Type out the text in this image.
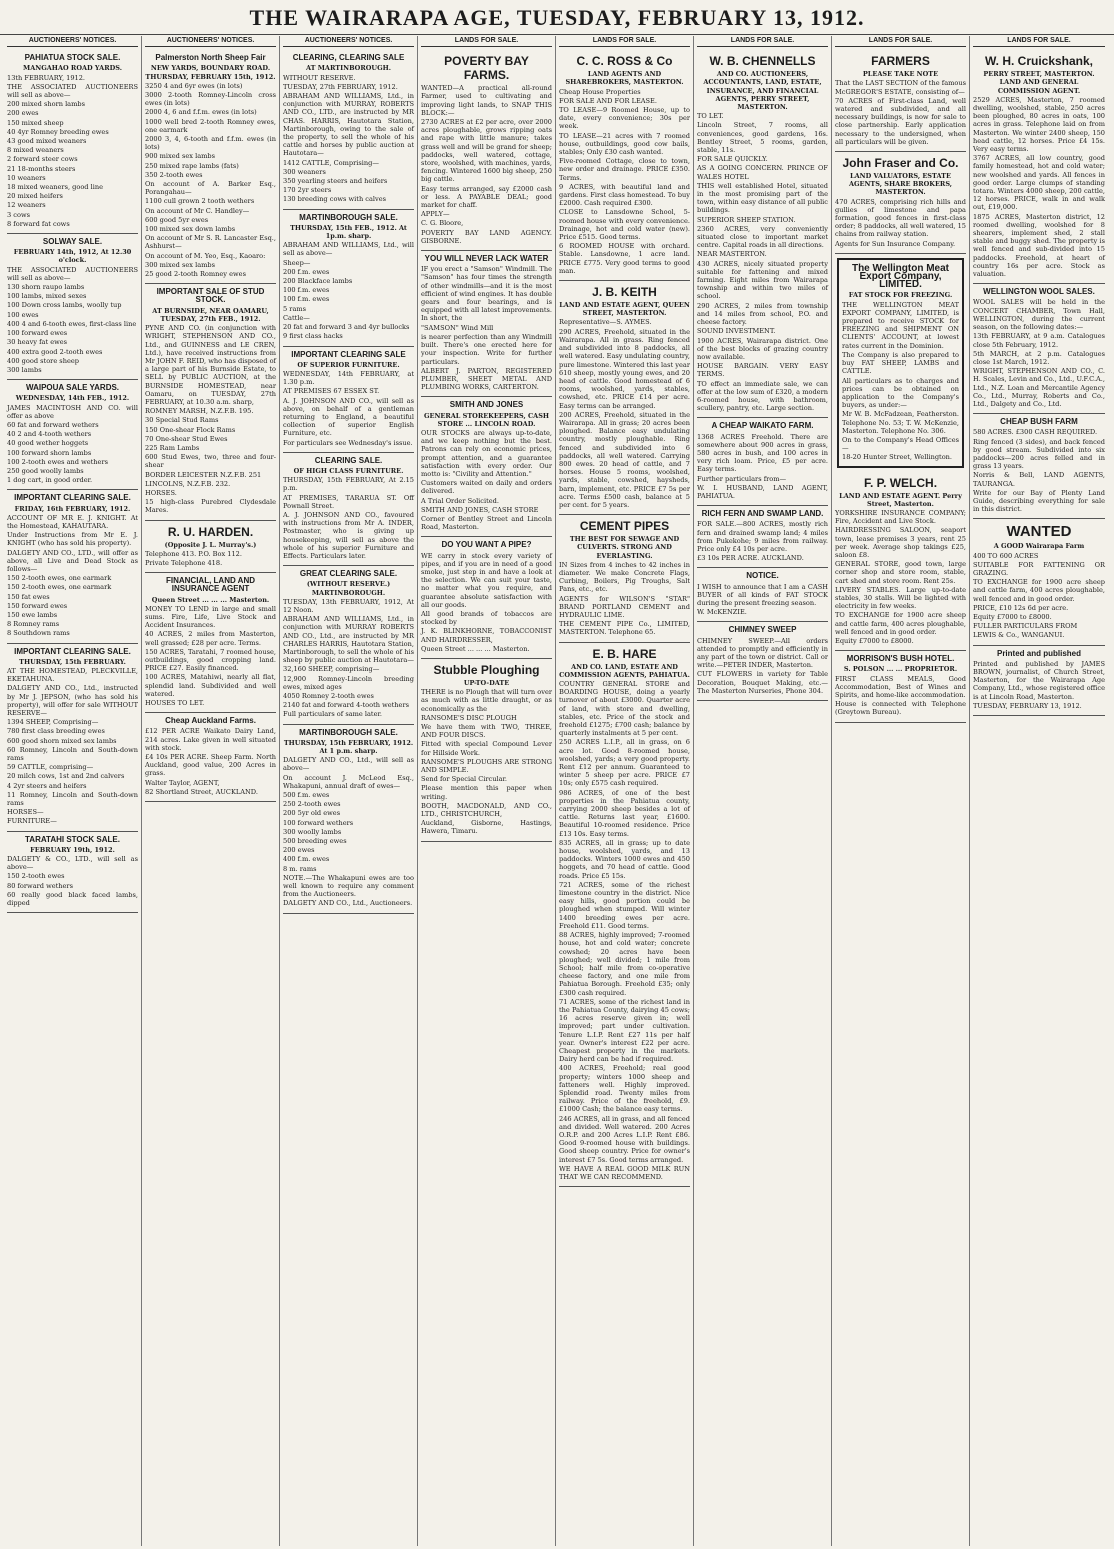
THE WAIRARAPA AGE, TUESDAY, FEBRUARY 13, 1912.
AUCTIONEERS' NOTICES.
PAHIATUA STOCK SALE.
MANGAHAO ROAD YARDS.

13th FEBRUARY, 1912.

THE ASSOCIATED AUCTIONEERS will sell as above—

200 mixed shorn lambs

200 ewes

150 mixed sheep

40 4yr Romney breeding ewes

43 good mixed weaners

8 mixed weaners

2 forward steer cows

21 18-months steers

10 weaners

18 mixed weaners, good line

20 mixed heifers

12 weaners

3 cows

8 forward fat cows

SOLWAY SALE.
FEBRUARY 14th, 1912, At 12.30 o'clock.

THE ASSOCIATED AUCTIONEERS will sell as above—

130 shorn raupo lambs

100 lambs, mixed sexes

100 Down cross lambs, woolly tup

100 ewes

400 4 and 6-tooth ewes, first-class line

100 forward ewes

30 heavy fat ewes

400 extra good 2-tooth ewes

400 good store sheep

300 lambs

WAIPOUA SALE YARDS.
WEDNESDAY, 14th FEB., 1912.

JAMES MACINTOSH AND CO. will offer as above

60 fat and forward wethers

40 2 and 4-tooth wethers

40 good wether hoggets

100 forward shorn lambs

100 2-tooth ewes and wethers

250 good woolly lambs

1 dog cart, in good order.

IMPORTANT CLEARING SALE.
FRIDAY, 16th FEBRUARY, 1912.

ACCOUNT OF MR E. J. KNIGHT. At the Homestead, KAHAUTARA.

Under Instructions from Mr E. J. KNIGHT (who has sold his property).

DALGETY AND CO., LTD., will offer as above, all Live and Dead Stock as follows—

150 2-tooth ewes, one earmark

150 2-tooth ewes, one earmark

150 fat ewes

150 forward ewes

150 ewe lambs

8 Romney rams

8 Southdown rams

IMPORTANT CLEARING SALE.
THURSDAY, 15th FEBRUARY.

AT THE HOMESTEAD, PLECKVILLE, EKETAHUNA.

DALGETY AND CO., Ltd., instructed by Mr J. JEPSON, (who has sold his property), will offer for sale WITHOUT RESERVE—

1394 SHEEP, Comprising—

780 first class breeding ewes

600 good shorn mixed sex lambs

60 Romney, Lincoln and South-down rams

59 CATTLE, comprising—

20 milch cows, 1st and 2nd calvers

4 2yr steers and heifers

11 Romney, Lincoln and South-down rams

HORSES—

FURNITURE—

TARATAHI STOCK SALE.
FEBRUARY 19th, 1912.

DALGETY & CO., LTD., will sell as above—

150 2-tooth ewes

80 forward wethers

60 really good black faced lambs, dipped

AUCTIONEERS' NOTICES.
Palmerston North Sheep Fair
NEW YARDS, BOUNDARY ROAD. THURSDAY, FEBRUARY 15th, 1912.

3250 4 and 6yr ewes (in lots)

3000 2-tooth Romney-Lincoln cross ewes (in lots)

2000 4, 6 and f.f.m. ewes (in lots)

1000 well bred 2-tooth Romney ewes, one earmark

2000 3, 4, 6-tooth and f.f.m. ewes (in lots)

900 mixed sex lambs

250 mixed rape lambs (fats)

350 2-tooth ewes

On account of A. Barker Esq., Porangahau—

1100 cull grown 2 tooth wethers

On account of Mr C. Handley—

600 good 5yr ewes

100 mixed sex down lambs

On account of Mr S. R. Lancaster Esq., Ashhurst—

On account of M. Yeo, Esq., Kaoaro:

300 mixed sex lambs

25 good 2-tooth Romney ewes

IMPORTANT SALE OF STUD STOCK.
AT BURNSIDE, NEAR OAMARU, TUESDAY, 27th FEB., 1912.

PYNE AND CO. (in conjunction with WRIGHT, STEPHENSON AND CO., Ltd., and GUINNESS and LE CREN, Ltd.), have received instructions from Mr JOHN F. REID, who has disposed of a large part of his Burnside Estate, to SELL by PUBLIC AUCTION, at the BURNSIDE HOMESTEAD, near Oamaru, on TUESDAY, 27th FEBRUARY, at 10.30 a.m. sharp,

ROMNEY MARSH, N.Z.F.B. 195.

30 Special Stud Rams

150 One-shear Flock Rams

70 One-shear Stud Ewes

225 Ram Lambs

600 Stud Ewes, two, three and four-shear

BORDER LEICESTER N.Z.F.B. 251

LINCOLNS, N.Z.F.B. 232.

HORSES.

15 high-class Purebred Clydesdale Mares.

R. U. HARDEN.
(Opposite J. L. Murray's.)

Telephone 413. P.O. Box 112.

Private Telephone 418.

FINANCIAL, LAND AND INSURANCE AGENT
Queen Street ... ... ... Masterton.

MONEY TO LEND in large and small sums. Fire, Life, Live Stock and Accident Insurances.

40 ACRES, 2 miles from Masterton, well grassed; £28 per acre. Terms.

150 ACRES, Taratahi, 7 roomed house, outbuildings, good cropping land. PRICE £27. Easily financed.

100 ACRES, Matahiwi, nearly all flat, splendid land. Subdivided and well watered.

HOUSES TO LET.

Cheap Auckland Farms.

£12 PER ACRE Waikato Dairy Land, 214 acres. Lake given in well situated with stock.

£4 10s PER ACRE. Sheep Farm. North Auckland, good value, 200 Acres in grass.

Walter Taylor, AGENT,

82 Shortland Street, AUCKLAND.

AUCTIONEERS' NOTICES.
CLEARING, CLEARING SALE
AT MARTINBOROUGH.

WITHOUT RESERVE.

TUESDAY, 27th FEBRUARY, 1912.

ABRAHAM AND WILLIAMS, Ltd., in conjunction with MURRAY, ROBERTS AND CO., LTD., are instructed by MR CHAS. HARRIS, Hautotara Station, Martinborough, owing to the sale of the property, to sell the whole of his cattle and horses by public auction at Hautotara—

1412 CATTLE, Comprising—

300 weaners

350 yearling steers and heifers

170 2yr steers

130 breeding cows with calves

MARTINBOROUGH SALE.
THURSDAY, 15th FEB., 1912. At 1p.m. sharp.

ABRAHAM AND WILLIAMS, Ltd., will sell as above—

Sheep—

200 f.m. ewes

200 Blackface lambs

100 f.m. ewes

100 f.m. ewes

5 rams

Cattle—

20 fat and forward 3 and 4yr bullocks

9 first class hacks

IMPORTANT CLEARING SALE
OF SUPERIOR FURNITURE.

WEDNESDAY, 14th FEBRUARY, at 1.30 p.m.

AT PREMISES 67 ESSEX ST.

A. J. JOHNSON AND CO., will sell as above, on behalf of a gentleman returning to England, a beautiful collection of superior English Furniture, etc.

For particulars see Wednesday's issue.

CLEARING SALE.
OF HIGH CLASS FURNITURE.

THURSDAY, 15th FEBRUARY, At 2.15 p.m.

AT PREMISES, TARARUA ST. Off Pownall Street.

A. J. JOHNSON AND CO., favoured with instructions from Mr A. INDER, Postmaster, who is giving up housekeeping, will sell as above the whole of his superior Furniture and Effects. Particulars later.

GREAT CLEARING SALE.
(WITHOUT RESERVE.) MARTINBOROUGH.

TUESDAY, 13th FEBRUARY, 1912, At 12 Noon.

ABRAHAM AND WILLIAMS, Ltd., in conjunction with MURRAY ROBERTS AND CO., Ltd., are instructed by MR CHARLES HARRIS, Hautotara Station, Martinborough, to sell the whole of his sheep by public auction at Hautotara—

32,160 SHEEP, comprising—

12,900 Romney-Lincoln breeding ewes, mixed ages

4050 Romney 2-tooth ewes

2140 fat and forward 4-tooth wethers

Full particulars of same later.

MARTINBOROUGH SALE.
THURSDAY, 15th FEBRUARY, 1912. At 1 p.m. sharp.

DALGETY AND CO., Ltd., will sell as above—

On account J. McLeod Esq., Whakapuni, annual draft of ewes—

500 f.m. ewes

250 2-tooth ewes

200 5yr old ewes

100 forward wethers

300 woolly lambs

500 breeding ewes

200 ewes

400 f.m. ewes

8 m. rams

NOTE.—The Whakapuni ewes are too well known to require any comment from the Auctioneers.

DALGETY AND CO., Ltd., Auctioneers.

LANDS FOR SALE.
POVERTY BAY FARMS.

WANTED—A practical all-round Farmer, used to cultivating and improving light lands, to SNAP THIS BLOCK:—

2730 ACRES at £2 per acre, over 2000 acres ploughable, grows ripping oats and rape with little manure; takes grass well and will be grand for sheep; paddocks, well watered, cottage, store, woolshed, with machines, yards, fencing. Wintered 1600 big sheep, 250 big cattle.

Easy terms arranged, say £2000 cash or less. A PAYABLE DEAL; good market for chaff.

APPLY—

C. G. Bloore,

POVERTY BAY LAND AGENCY. GISBORNE.

YOU WILL NEVER LACK WATER

IF you erect a "Samson" Windmill. The "Samson" has four times the strength of other windmills—and it is the most efficient of wind engines. It has double gears and four bearings, and is equipped with all latest improvements. In short, the

"SAMSON" Wind Mill

is nearer perfection than any Windmill built. There's one erected here for your inspection. Write for further particulars.

ALBERT J. PARTON, REGISTERED PLUMBER, SHEET METAL AND PLUMBING WORKS, CARTERTON.

SMITH AND JONES
GENERAL STOREKEEPERS, CASH STORE ... LINCOLN ROAD.

OUR STOCKS are always up-to-date, and we keep nothing but the best. Patrons can rely on economic prices, prompt attention, and a guarantee satisfaction with every order. Our motto is: "Civility and Attention."

Customers waited on daily and orders delivered.

A Trial Order Solicited.

SMITH AND JONES, CASH STORE

Corner of Bentley Street and Lincoln Road, Masterton.

DO YOU WANT A PIPE?

WE carry in stock every variety of pipes, and if you are in need of a good smoke, just step in and have a look at the selection. We can suit your taste, no matter what you require, and guarantee absolute satisfaction with all our goods.

All good brands of tobaccos are stocked by

J. K. BLINKHORNE, TOBACCONIST AND HAIRDRESSER,

Queen Street ... ... ... Masterton.

Stubble Ploughing
UP-TO-DATE

THERE is no Plough that will turn over as much with as little draught, or as economically as the

RANSOME'S DISC PLOUGH

We have them with TWO, THREE, AND FOUR DISCS.

Fitted with special Compound Lever for Hillside Work.

RANSOME'S PLOUGHS ARE STRONG AND SIMPLE.

Send for Special Circular.

Please mention this paper when writing.

BOOTH, MACDONALD, AND CO., LTD., CHRISTCHURCH,

Auckland, Gisborne, Hastings, Hawera, Timaru.

LANDS FOR SALE.
C. C. ROSS & Co
LAND AGENTS AND SHAREBROKERS, MASTERTON.

Cheap House Properties

FOR SALE AND FOR LEASE.

TO LEASE—9 Roomed House, up to date, every convenience; 30s per week.

TO LEASE—21 acres with 7 roomed house, outbuildings, good cow bails, stables; Only £30 cash wanted.

Five-roomed Cottage, close to town, new order and drainage. PRICE £350. Terms.

9 ACRES, with beautiful land and gardens. First class homestead. To buy £2000. Cash required £300.

CLOSE to Lansdowne School, 5-roomed house with every convenience. Drainage, hot and cold water (new). Price £515. Good terms.

6 ROOMED HOUSE with orchard. Stable. Lansdowne, 1 acre land. PRICE £775. Very good terms to good man.

J. B. KEITH
LAND AND ESTATE AGENT, QUEEN STREET, MASTERTON.

Representative—S. AYMES.

290 ACRES, Freehold, situated in the Wairarapa. All in grass. Ring fenced and subdivided into 8 paddocks, all well watered. Easy undulating country, pure limestone. Wintered this last year 610 sheep, mostly young ewes, and 20 head of cattle. Good homestead of 6 rooms, woolshed, yards, stables, cowshed, etc. PRICE £14 per acre. Easy terms can be arranged.

200 ACRES, Freehold, situated in the Wairarapa. All in grass; 20 acres been ploughed. Balance easy undulating country, mostly ploughable. Ring fenced and subdivided into 6 paddocks, all well watered. Carrying 800 ewes. 20 head of cattle, and 7 horses. House 5 rooms, woolshed, yards, stable, cowshed, haysheds, barn, implement, etc. PRICE £7 5s per acre. Terms £500 cash, balance at 5 per cent. for 5 years.

CEMENT PIPES
THE BEST FOR SEWAGE AND CULVERTS. STRONG AND EVERLASTING.

IN Sizes from 4 inches to 42 inches in diameter. We make Concrete Flags, Curbing, Boilers, Pig Troughs, Salt Pans, etc., etc.

AGENTS for WILSON'S "STAR" BRAND PORTLAND CEMENT and HYDRAULIC LIME.

THE CEMENT PIPE Co., LIMITED, MASTERTON. Telephone 65.

E. B. HARE
AND CO. LAND, ESTATE AND COMMISSION AGENTS, PAHIATUA.

COUNTRY GENERAL STORE and BOARDING HOUSE, doing a yearly turnover of about £3000. Quarter acre of land, with store and dwelling, stables, etc. Price of the stock and freehold £1275; £700 cash; balance by quarterly instalments at 5 per cent.

250 ACRES L.I.P., all in grass, on 6 acre lot. Good 8-roomed house, woolshed, yards; a very good property. Rent £12 per annum. Guaranteed to winter 5 sheep per acre. PRICE £7 10s; only £575 cash required.

986 ACRES, of one of the best properties in the Pahiatua county, carrying 2000 sheep besides a lot of cattle. Returns last year, £1600. Beautiful 10-roomed residence. Price £13 10s. Easy terms.

835 ACRES, all in grass; up to date house, woolshed, yards, and 13 paddocks. Winters 1000 ewes and 450 hoggets, and 70 head of cattle. Good roads. Price £5 15s.

721 ACRES, some of the richest limestone country in the district. Nice easy hills, good portion could be ploughed when stumped. Will winter 1400 breeding ewes per acre. Freehold £11. Good terms.

88 ACRES, highly improved; 7-roomed house, hot and cold water; concrete cowshed; 20 acres have been ploughed; well divided; 1 mile from School; half mile from co-operative cheese factory, and one mile from Pahiatua Borough. Freehold £35; only £300 cash required.

71 ACRES, some of the richest land in the Pahiatua County, dairying 45 cows; 16 acres reserve given in; well improved; part under cultivation. Tenure L.I.P. Rent £27 11s per half year. Owner's interest £22 per acre. Cheapest property in the markets. Dairy herd can be had if required.

400 ACRES, Freehold; real good property; winters 1000 sheep and fatteners well. Highly improved. Splendid road. Twenty miles from railway. Price of the freehold, £9. £1000 Cash; the balance easy terms.

246 ACRES, all in grass, and all fenced and divided. Well watered. 200 Acres O.R.P. and 200 Acres L.I.P. Rent £86. Good 9-roomed house with buildings. Good sheep country. Price for owner's interest £7 5s. Good terms arranged.

WE HAVE A REAL GOOD MILK RUN THAT WE CAN RECOMMEND.

LANDS FOR SALE.
W. B. CHENNELLS
AND CO. AUCTIONEERS, ACCOUNTANTS, LAND, ESTATE, INSURANCE, AND FINANCIAL AGENTS, PERRY STREET, MASTERTON.

TO LET.

Lincoln Street, 7 rooms, all conveniences, good gardens, 16s. Bentley Street, 5 rooms, garden, stable, 11s.

FOR SALE QUICKLY.

AS A GOING CONCERN. PRINCE OF WALES HOTEL

THIS well established Hotel, situated in the most promising part of the town, within easy distance of all public buildings.

SUPERIOR SHEEP STATION.

2360 ACRES, very conveniently situated close to important market centre. Capital roads in all directions.

NEAR MASTERTON.

430 ACRES, nicely situated property suitable for fattening and mixed farming. Eight miles from Wairarapa township and within two miles of school.

290 ACRES, 2 miles from township and 14 miles from school, P.O. and cheese factory.

SOUND INVESTMENT.

1900 ACRES, Wairarapa district. One of the best blocks of grazing country now available.

HOUSE BARGAIN. VERY EASY TERMS.

TO effect an immediate sale, we can offer at the low sum of £320, a modern 6-roomed house, with bathroom, scullery, pantry, etc. Large section.

A CHEAP WAIKATO FARM.

1368 ACRES Freehold. There are somewhere about 900 acres in grass, 580 acres in bush, and 100 acres in very rich loam. Price, £5 per acre. Easy terms.

Further particulars from—

W. I. HUSBAND, LAND AGENT, PAHIATUA.

RICH FERN AND SWAMP LAND.

FOR SALE.—800 ACRES, mostly rich fern and drained swamp land; 4 miles from Pukekohe; 9 miles from railway. Price only £4 10s per acre.

£3 10s PER ACRE. AUCKLAND.

NOTICE.

I WISH to announce that I am a CASH BUYER of all kinds of FAT STOCK during the present freezing season.

W. McKENZIE.

CHIMNEY SWEEP

CHIMNEY SWEEP.—All orders attended to promptly and efficiently in any part of the town or district. Call or write.—PETER INDER, Masterton.

CUT FLOWERS in variety for Table Decoration, Bouquet Making, etc.—The Masterton Nurseries, Phone 304.

LANDS FOR SALE.
FARMERS
PLEASE TAKE NOTE

That the LAST SECTION of the famous McGREGOR'S ESTATE, consisting of—

70 ACRES of First-class Land, well watered and subdivided, and all necessary buildings, is now for sale to close partnership. Early application necessary to the undersigned, when all particulars will be given.

John Fraser and Co.
LAND VALUATORS, ESTATE AGENTS, SHARE BROKERS, MASTERTON.

470 ACRES, comprising rich hills and gullies of limestone and papa formation, good fences in first-class order; 8 paddocks, all well watered, 15 chains from railway station.

Agents for Sun Insurance Company.

The Wellington Meat Export Company, LIMITED.
FAT STOCK FOR FREEZING.

THE WELLINGTON MEAT EXPORT COMPANY, LIMITED, is prepared to receive STOCK for FREEZING and SHIPMENT ON CLIENTS' ACCOUNT, at lowest rates current in the Dominion.

The Company is also prepared to buy FAT SHEEP, LAMBS and CATTLE.

All particulars as to charges and prices can be obtained on application to the Company's buyers, as under:—

Mr W. B. McFadzean, Featherston. Telephone No. 53; T. W. McKenzie, Masterton. Telephone No. 306.

On to the Company's Head Offices—

18-20 Hunter Street, Wellington.

F. P. WELCH.
LAND AND ESTATE AGENT. Perry Street, Masterton.

YORKSHIRE INSURANCE COMPANY; Fire, Accident and Live Stock.

HAIRDRESSING SALOON, seaport town, lease premises 3 years, rent 25 per week. Average shop takings £25, saloon £8.

GENERAL STORE, good town, large corner shop and store room, stable, cart shed and store room. Rent 25s.

LIVERY STABLES. Large up-to-date stables, 30 stalls. Will be lighted with electricity in few weeks.

TO EXCHANGE for 1900 acre sheep and cattle farm, 400 acres ploughable, well fenced and in good order.

Equity £7000 to £8000.

MORRISON'S BUSH HOTEL.
S. POLSON ... ... PROPRIETOR.

FIRST CLASS MEALS, Good Accommodation, Best of Wines and Spirits, and home-like accommodation.

House is connected with Telephone (Greytown Bureau).

LANDS FOR SALE.
W. H. Cruickshank,
PERRY STREET, MASTERTON. LAND AND GENERAL COMMISSION AGENT.

2529 ACRES, Masterton, 7 roomed dwelling, woolshed, stable, 250 acres been ploughed, 80 acres in oats, 100 acres in grass. Telephone laid on from Masterton. We winter 2400 sheep, 150 head cattle, 12 horses. Price £4 15s. Very easy terms.

3767 ACRES, all low country, good family homestead, hot and cold water; new woolshed and yards. All fences in good order. Large clumps of standing totara. Winters 4000 sheep, 200 cattle, 12 horses. PRICE, walk in and walk out, £19,000.

1875 ACRES, Masterton district, 12 roomed dwelling, woolshed for 8 shearers, implement shed, 2 stall stable and buggy shed. The property is well fenced and sub-divided into 15 paddocks. Freehold, at heart of country 16s per acre. Stock as valuation.

WELLINGTON WOOL SALES.

WOOL SALES will be held in the CONCERT CHAMBER, Town Hall, WELLINGTON, during the current season, on the following dates:—

13th FEBRUARY, at 9 a.m. Catalogues close 5th February, 1912.

5th MARCH, at 2 p.m. Catalogues close 1st March, 1912.

WRIGHT, STEPHENSON AND CO., C. H. Scales, Levin and Co., Ltd., U.F.C.A., Ltd., N.Z. Loan and Mercantile Agency Co., Ltd., Murray, Roberts and Co., Ltd., Dalgety and Co., Ltd.

CHEAP BUSH FARM

580 ACRES. £300 CASH REQUIRED.

Ring fenced (3 sides), and back fenced by good stream. Subdivided into six paddocks—200 acres felled and in grass 13 years.

Norris & Bell, LAND AGENTS, TAURANGA.

Write for our Bay of Plenty Land Guide, describing everything for sale in this district.

WANTED
A GOOD Wairarapa Farm

400 TO 600 ACRES

SUITABLE FOR FATTENING OR GRAZING.

TO EXCHANGE for 1900 acre sheep and cattle farm, 400 acres ploughable, well fenced and in good order.

PRICE, £10 12s 6d per acre.

Equity £7000 to £8000.

FULLER PARTICULARS FROM

LEWIS & Co., WANGANUI.

Printed and published

Printed and published by JAMES BROWN, journalist, of Church Street, Masterton, for the Wairarapa Age Company, Ltd., whose registered office is at Lincoln Road, Masterton.

TUESDAY, FEBRUARY 13, 1912.
